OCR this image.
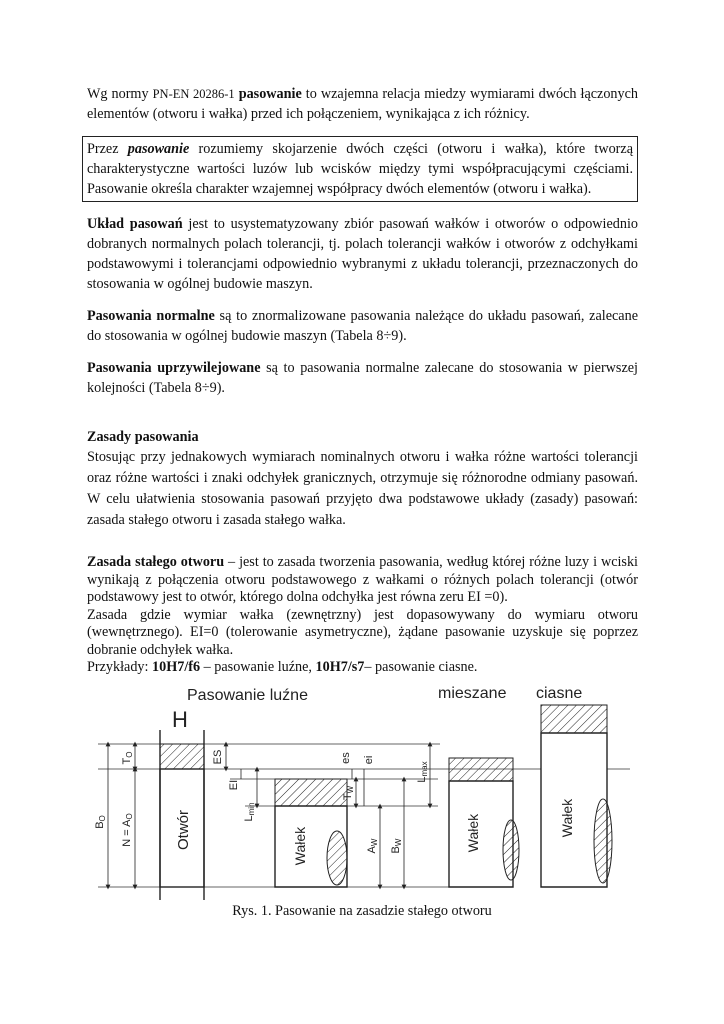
Wg normy PN-EN 20286-1 pasowanie to wzajemna relacja miedzy wymiarami dwóch łączonych elementów (otworu i wałka) przed ich połączeniem, wynikająca z ich różnicy.

Przez pasowanie rozumiemy skojarzenie dwóch części (otworu i wałka), które tworzą charakterystyczne wartości luzów lub wcisków między tymi współpracującymi częściami. Pasowanie określa charakter wzajemnej współpracy dwóch elementów (otworu i wałka).

Układ pasowań jest to usystematyzowany zbiór pasowań wałków i otworów o odpowiednio dobranych normalnych polach tolerancji, tj. polach tolerancji wałków i otworów z odchyłkami podstawowymi i tolerancjami odpowiednio wybranymi z układu tolerancji, przeznaczonych do stosowania w ogólnej budowie maszyn.

Pasowania normalne są to znormalizowane pasowania należące do układu pasowań, zalecane do stosowania w ogólnej budowie maszyn (Tabela 8÷9).

Pasowania uprzywilejowane są to pasowania normalne zalecane do stosowania w pierwszej kolejności (Tabela 8÷9).

Zasady pasowania

Stosując przy jednakowych wymiarach nominalnych otworu i wałka różne wartości tolerancji oraz różne wartości i znaki odchyłek granicznych, otrzymuje się różnorodne odmiany pasowań. W celu ułatwienia stosowania pasowań przyjęto dwa podstawowe układy (zasady) pasowań: zasada stałego otworu i zasada stałego wałka.

Zasada stałego otworu – jest to zasada tworzenia pasowania, według której różne luzy i wciski wynikają z połączenia otworu podstawowego z wałkami o różnych polach tolerancji (otwór podstawowy jest to otwór, którego dolna odchyłka jest równa zeru EI =0).
Zasada gdzie wymiar wałka (zewnętrzny) jest dopasowywany do wymiaru otworu (wewnętrznego). EI=0 (tolerowanie asymetryczne), żądane pasowanie uzyskuje się poprzez dobranie odchyłek wałka.
Przykłady: 10H7/f6 – pasowanie luźne, 10H7/s7– pasowanie ciasne.

Pasowanie luźne	mieszane ciasne
H
Otwór	Wałek	Wałek	Wałek
BO
N = AO
TO	ES
EI
Lmin
es ei
TW
AW
BW
Lmax
Rys. 1. Pasowanie na zasadzie stałego otworu
